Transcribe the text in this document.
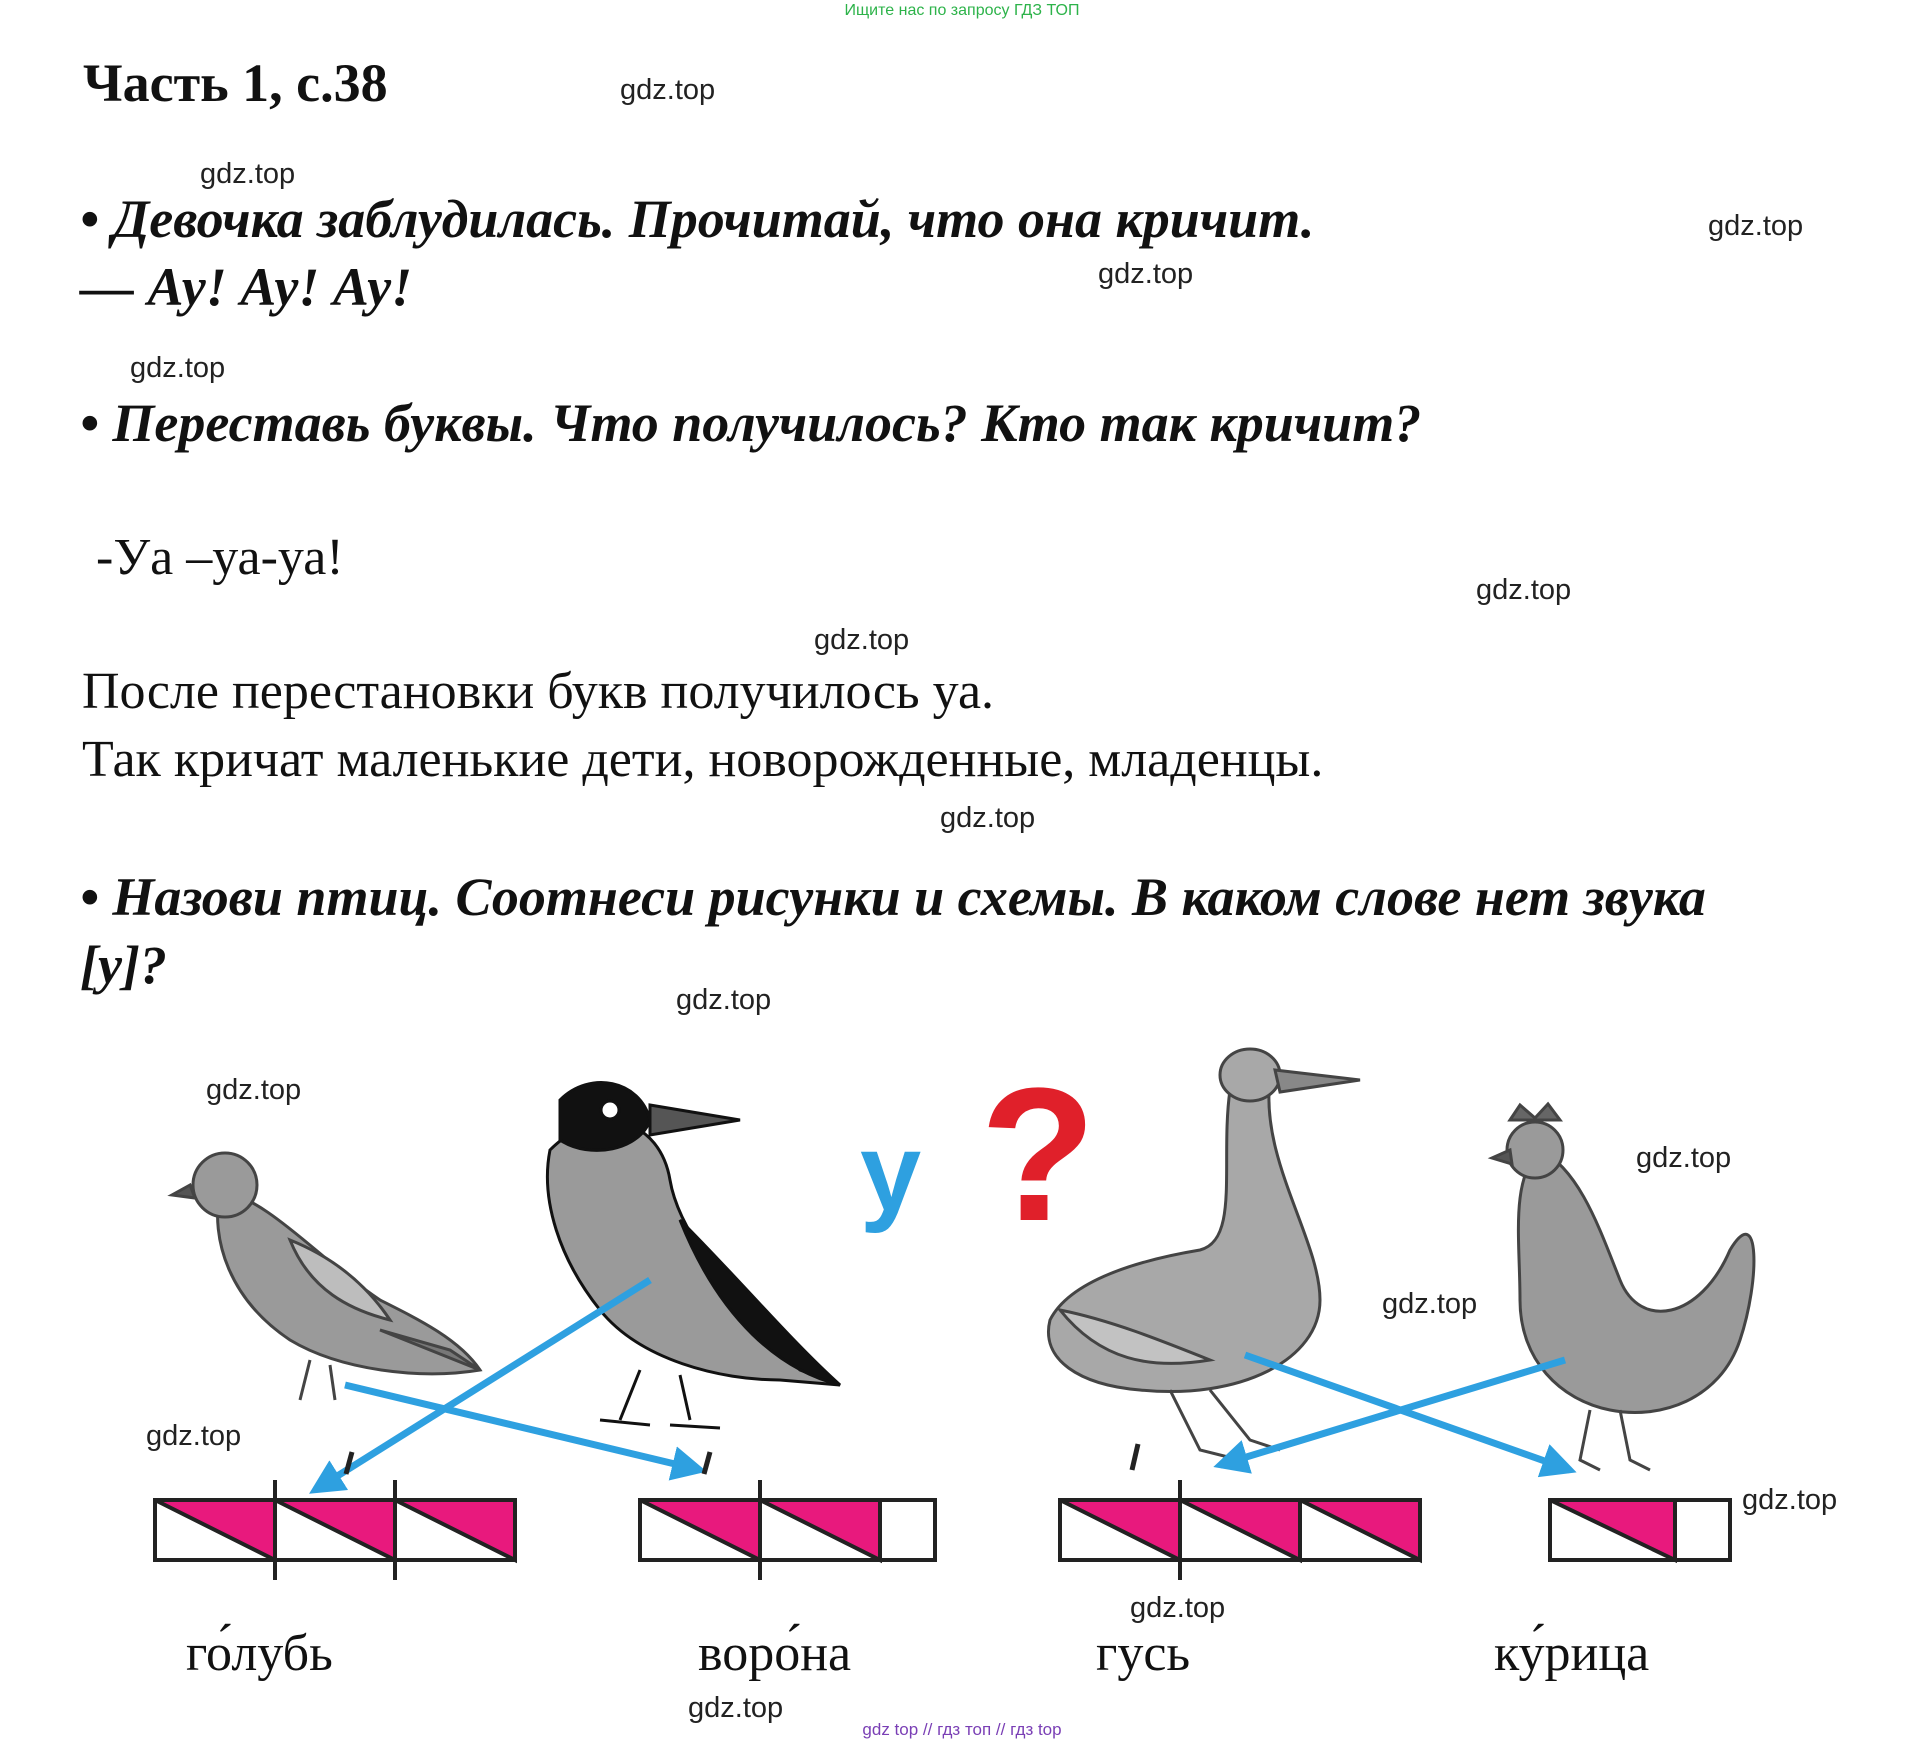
Ищите нас по запросу ГДЗ ТОП
Часть 1, с.38
• Девочка заблудилась. Прочитай, что она кричит.
— Ау! Ау! Ау!
• Переставь буквы. Что получилось? Кто так кричит?
-Уа –уа-уа!
После перестановки букв получилось уа.
Так кричат маленькие дети, новорожденные, младенцы.
• Назови птиц. Соотнеси рисунки и схемы. В каком слове нет звука
[у]?
gdz.top
gdz.top
gdz.top
gdz.top
gdz.top
gdz.top
gdz.top
gdz.top
gdz.top
gdz.top
у ?	gdz.top
gdz.top
gdz.top
gdz.top
gdz.top
gdz.top
го́лубь	воро́на	гусь	ку́рица
gdz top // гдз топ // гдз top
